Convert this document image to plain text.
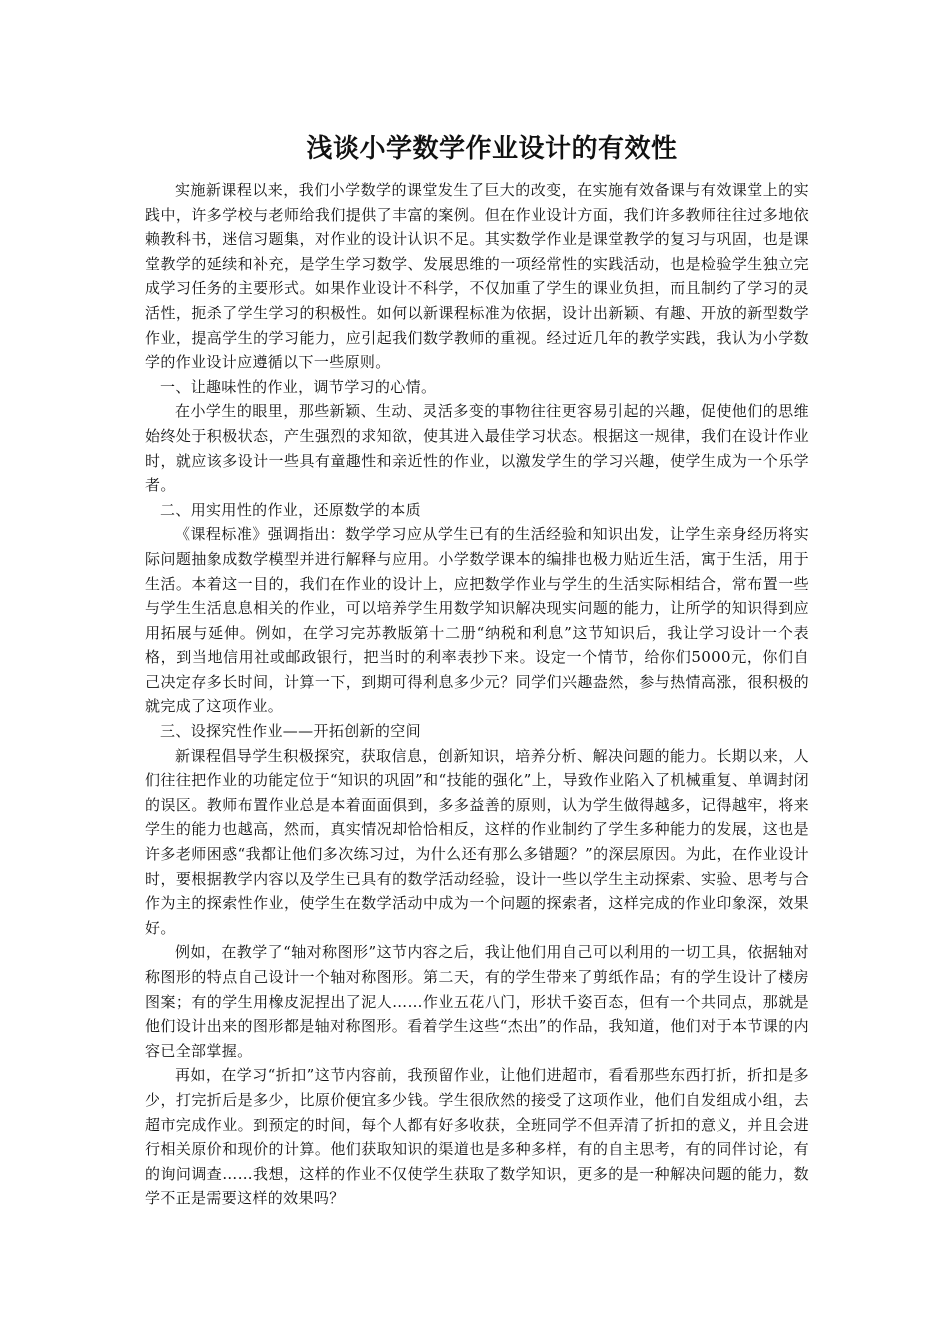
浅谈小学数学作业设计的有效性

实施新课程以来，我们小学数学的课堂发生了巨大的改变，在实施有效备课与有效课堂上的实践中，许多学校与老师给我们提供了丰富的案例。但在作业设计方面，我们许多教师往往过多地依赖教科书，迷信习题集，对作业的设计认识不足。其实数学作业是课堂教学的复习与巩固，也是课堂教学的延续和补充，是学生学习数学、发展思维的一项经常性的实践活动，也是检验学生独立完成学习任务的主要形式。如果作业设计不科学，不仅加重了学生的课业负担，而且制约了学习的灵活性，扼杀了学生学习的积极性。如何以新课程标准为依据，设计出新颖、有趣、开放的新型数学作业，提高学生的学习能力，应引起我们数学教师的重视。经过近几年的教学实践，我认为小学数学的作业设计应遵循以下一些原则。

一、让趣味性的作业，调节学习的心情。

在小学生的眼里，那些新颖、生动、灵活多变的事物往往更容易引起的兴趣，促使他们的思维始终处于积极状态，产生强烈的求知欲，使其进入最佳学习状态。根据这一规律，我们在设计作业时，就应该多设计一些具有童趣性和亲近性的作业，以激发学生的学习兴趣，使学生成为一个乐学者。

二、用实用性的作业，还原数学的本质

《课程标准》强调指出：数学学习应从学生已有的生活经验和知识出发，让学生亲身经历将实际问题抽象成数学模型并进行解释与应用。小学数学课本的编排也极力贴近生活，寓于生活，用于生活。本着这一目的，我们在作业的设计上，应把数学作业与学生的生活实际相结合，常布置一些与学生生活息息相关的作业，可以培养学生用数学知识解决现实问题的能力，让所学的知识得到应用拓展与延伸。例如，在学习完苏教版第十二册“纳税和利息”这节知识后，我让学习设计一个表格，到当地信用社或邮政银行，把当时的利率表抄下来。设定一个情节，给你们5000元，你们自己决定存多长时间，计算一下，到期可得利息多少元？同学们兴趣盎然，参与热情高涨，很积极的就完成了这项作业。

三、设探究性作业——开拓创新的空间

新课程倡导学生积极探究，获取信息，创新知识，培养分析、解决问题的能力。长期以来，人们往往把作业的功能定位于“知识的巩固”和“技能的强化”上，导致作业陷入了机械重复、单调封闭的误区。教师布置作业总是本着面面俱到，多多益善的原则，认为学生做得越多，记得越牢，将来学生的能力也越高，然而，真实情况却恰恰相反，这样的作业制约了学生多种能力的发展，这也是许多老师困惑“我都让他们多次练习过，为什么还有那么多错题？”的深层原因。为此，在作业设计时，要根据教学内容以及学生已具有的数学活动经验，设计一些以学生主动探索、实验、思考与合作为主的探索性作业，使学生在数学活动中成为一个问题的探索者，这样完成的作业印象深，效果好。

例如，在教学了“轴对称图形”这节内容之后，我让他们用自己可以利用的一切工具，依据轴对称图形的特点自己设计一个轴对称图形。第二天，有的学生带来了剪纸作品；有的学生设计了楼房图案；有的学生用橡皮泥捏出了泥人……作业五花八门，形状千姿百态，但有一个共同点，那就是他们设计出来的图形都是轴对称图形。看着学生这些“杰出”的作品，我知道，他们对于本节课的内容已全部掌握。

再如，在学习“折扣”这节内容前，我预留作业，让他们进超市，看看那些东西打折，折扣是多少，打完折后是多少，比原价便宜多少钱。学生很欣然的接受了这项作业，他们自发组成小组，去超市完成作业。到预定的时间，每个人都有好多收获，全班同学不但弄清了折扣的意义，并且会进行相关原价和现价的计算。他们获取知识的渠道也是多种多样，有的自主思考，有的同伴讨论，有的询问调查……我想，这样的作业不仅使学生获取了数学知识，更多的是一种解决问题的能力，数学不正是需要这样的效果吗？
